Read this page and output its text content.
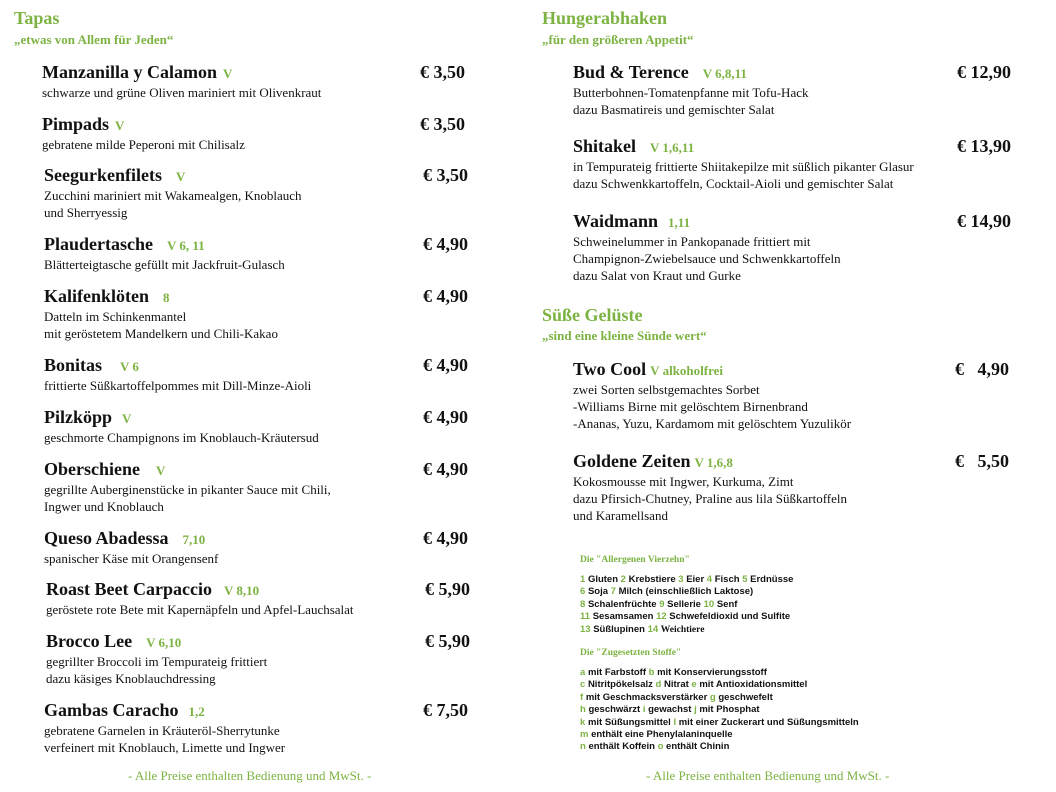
Tapas
„etwas von Allem für Jeden“
Manzanilla y Calamon V
schwarze und grüne Oliven mariniert mit Olivenkraut
€ 3,50
Pimpads V
gebratene milde Peperoni mit Chilisalz
€ 3,50
Seegurkenfilets V
Zucchini mariniert mit Wakamealgen, Knoblauch
und Sherryessig
€ 3,50
Plaudertasche V 6, 11
Blätterteigtasche gefüllt mit Jackfruit-Gulasch
€ 4,90
Kalifenklöten 8
Datteln im Schinkenmantel
mit geröstetem Mandelkern und Chili-Kakao
€ 4,90
Bonitas V 6
frittierte Süßkartoffelpommes mit Dill-Minze-Aioli
€ 4,90
Pilzköpp V
geschmorte Champignons im Knoblauch-Kräutersud
€ 4,90
Oberschiene V
gegrillte Auberginenstücke in pikanter Sauce mit Chili,
Ingwer und Knoblauch
€ 4,90
Queso Abadessa 7,10
spanischer Käse mit Orangensenf
€ 4,90
Roast Beet Carpaccio V 8,10
geröstete rote Bete mit Kapernäpfeln und Apfel-Lauchsalat
€ 5,90
Brocco Lee V 6,10
gegrillter Broccoli im Tempurateig frittiert
dazu käsiges Knoblauchdressing
€ 5,90
Gambas Caracho 1,2
gebratene Garnelen in Kräuteröl-Sherrytunke
verfeinert mit Knoblauch, Limette und Ingwer
€ 7,50
- Alle Preise enthalten Bedienung und MwSt. -
Hungerabhaken
„für den größeren Appetit“
Bud & Terence V 6,8,11
Butterbohnen-Tomatenpfanne mit Tofu-Hack
dazu Basmatireis und gemischter Salat
€ 12,90
Shitakel V 1,6,11
in Tempurateig frittierte Shiitakepilze mit süßlich pikanter Glasur
dazu Schwenkkartoffeln, Cocktail-Aioli und gemischter Salat
€ 13,90
Waidmann 1,11
Schweinelummer in Pankopanade frittiert mit
Champignon-Zwiebelsauce und Schwenkkartoffeln
dazu Salat von Kraut und Gurke
€ 14,90
Süße Gelüste
„sind eine kleine Sünde wert“
Two Cool V alkoholfrei
zwei Sorten selbstgemachtes Sorbet
-Williams Birne mit gelöschtem Birnenbrand
-Ananas, Yuzu, Kardamom mit gelöschtem Yuzulikör
€   4,90
Goldene Zeiten V 1,6,8
Kokosmousse mit Ingwer, Kurkuma, Zimt
dazu Pfirsich-Chutney, Praline aus lila Süßkartoffeln
und Karamellsand
€   5,50
Die "Allergenen Vierzehn"
1 Gluten 2 Krebstiere 3 Eier 4 Fisch 5 Erdnüsse
6 Soja 7 Milch (einschließlich Laktose)
8 Schalenfrüchte 9 Sellerie 10 Senf
11 Sesamsamen 12 Schwefeldioxid und Sulfite
13 Süßlupinen 14 Weichtiere
Die "Zugesetzten Stoffe"
a mit Farbstoff b mit Konservierungsstoff
c Nitritpökelsalz d Nitrat e mit Antioxidationsmittel
f mit Geschmacksverstärker g geschwefelt
h geschwärzt i gewachst j mit Phosphat
k mit Süßungsmittel l mit einer Zuckerart und Süßungsmitteln
m enthält eine Phenylalaninquelle
n enthält Koffein o enthält Chinin
- Alle Preise enthalten Bedienung und MwSt. -
